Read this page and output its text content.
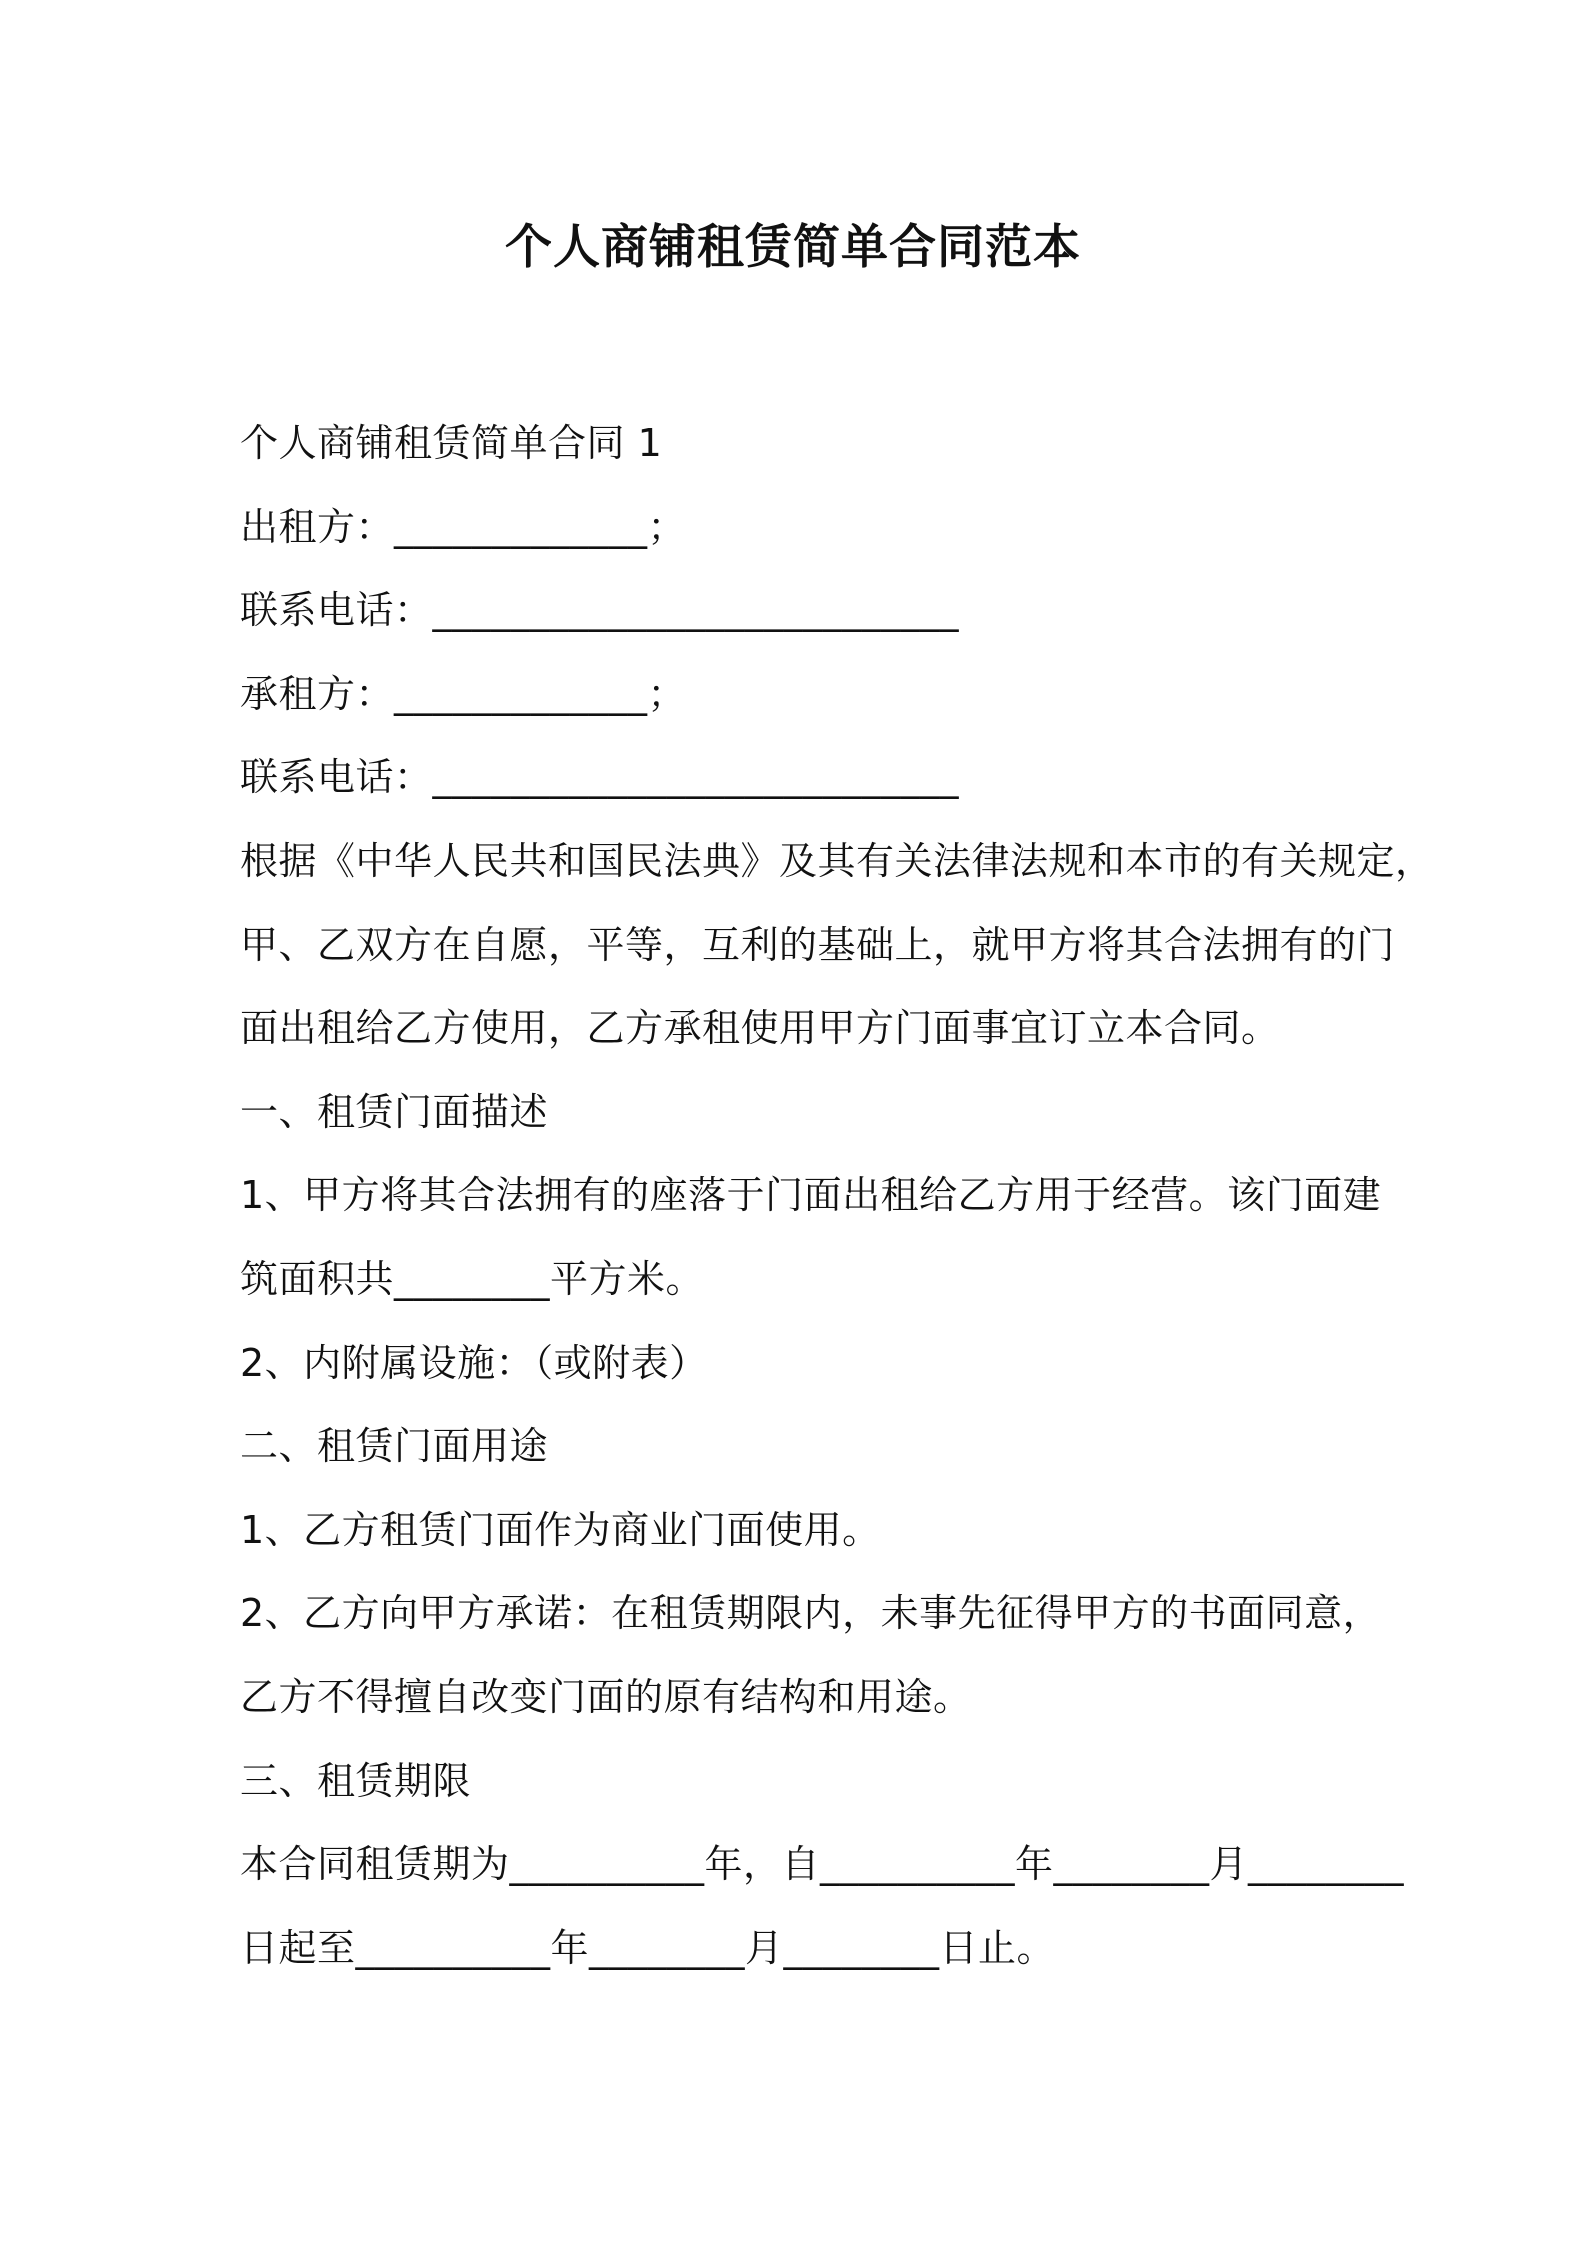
个人商铺租赁简单合同范本
个人商铺租赁简单合同 1
出租方：_____________；
联系电话：___________________________
承租方：_____________；
联系电话：___________________________
根据《中华人民共和国民法典》及其有关法律法规和本市的有关规定，
甲、乙双方在自愿，平等，互利的基础上，就甲方将其合法拥有的门
面出租给乙方使用，乙方承租使用甲方门面事宜订立本合同。
一、租赁门面描述
1、甲方将其合法拥有的座落于门面出租给乙方用于经营。该门面建
筑面积共________平方米。
2、内附属设施：（或附表）
二、租赁门面用途
1、乙方租赁门面作为商业门面使用。
2、乙方向甲方承诺：在租赁期限内，未事先征得甲方的书面同意，
乙方不得擅自改变门面的原有结构和用途。
三、租赁期限
本合同租赁期为__________年，自__________年________月________
日起至__________年________月________日止。
